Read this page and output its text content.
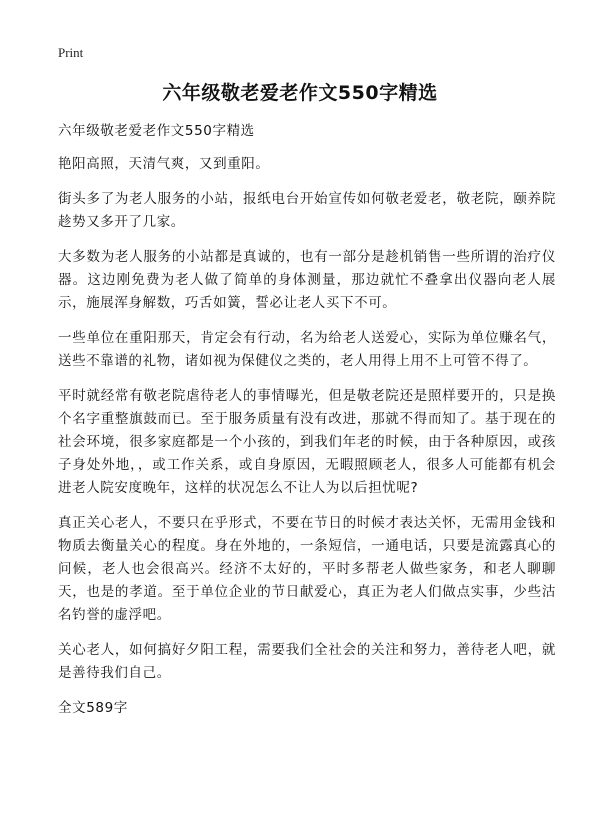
Print
六年级敬老爱老作文550字精选

六年级敬老爱老作文550字精选

艳阳高照，天清气爽，又到重阳。

街头多了为老人服务的小站，报纸电台开始宣传如何敬老爱老，敬老院，颐养院趁势又多开了几家。

大多数为老人服务的小站都是真诚的，也有一部分是趁机销售一些所谓的治疗仪器。这边刚免费为老人做了简单的身体测量，那边就忙不叠拿出仪器向老人展示，施展浑身解数，巧舌如簧，誓必让老人买下不可。

一些单位在重阳那天，肯定会有行动，名为给老人送爱心，实际为单位赚名气，送些不靠谱的礼物，诸如视为保健仪之类的，老人用得上用不上可管不得了。

平时就经常有敬老院虐待老人的事情曝光，但是敬老院还是照样要开的，只是换个名字重整旗鼓而已。至于服务质量有没有改进，那就不得而知了。基于现在的社会环境，很多家庭都是一个小孩的，到我们年老的时候，由于各种原因，或孩子身处外地，，或工作关系，或自身原因，无暇照顾老人，很多人可能都有机会进老人院安度晚年，这样的状况怎么不让人为以后担忧呢?

真正关心老人，不要只在乎形式，不要在节日的时候才表达关怀，无需用金钱和物质去衡量关心的程度。身在外地的，一条短信，一通电话，只要是流露真心的问候，老人也会很高兴。经济不太好的，平时多帮老人做些家务，和老人聊聊天，也是的孝道。至于单位企业的节日献爱心，真正为老人们做点实事，少些沽名钓誉的虚浮吧。

关心老人，如何搞好夕阳工程，需要我们全社会的关注和努力，善待老人吧，就是善待我们自己。

全文589字
